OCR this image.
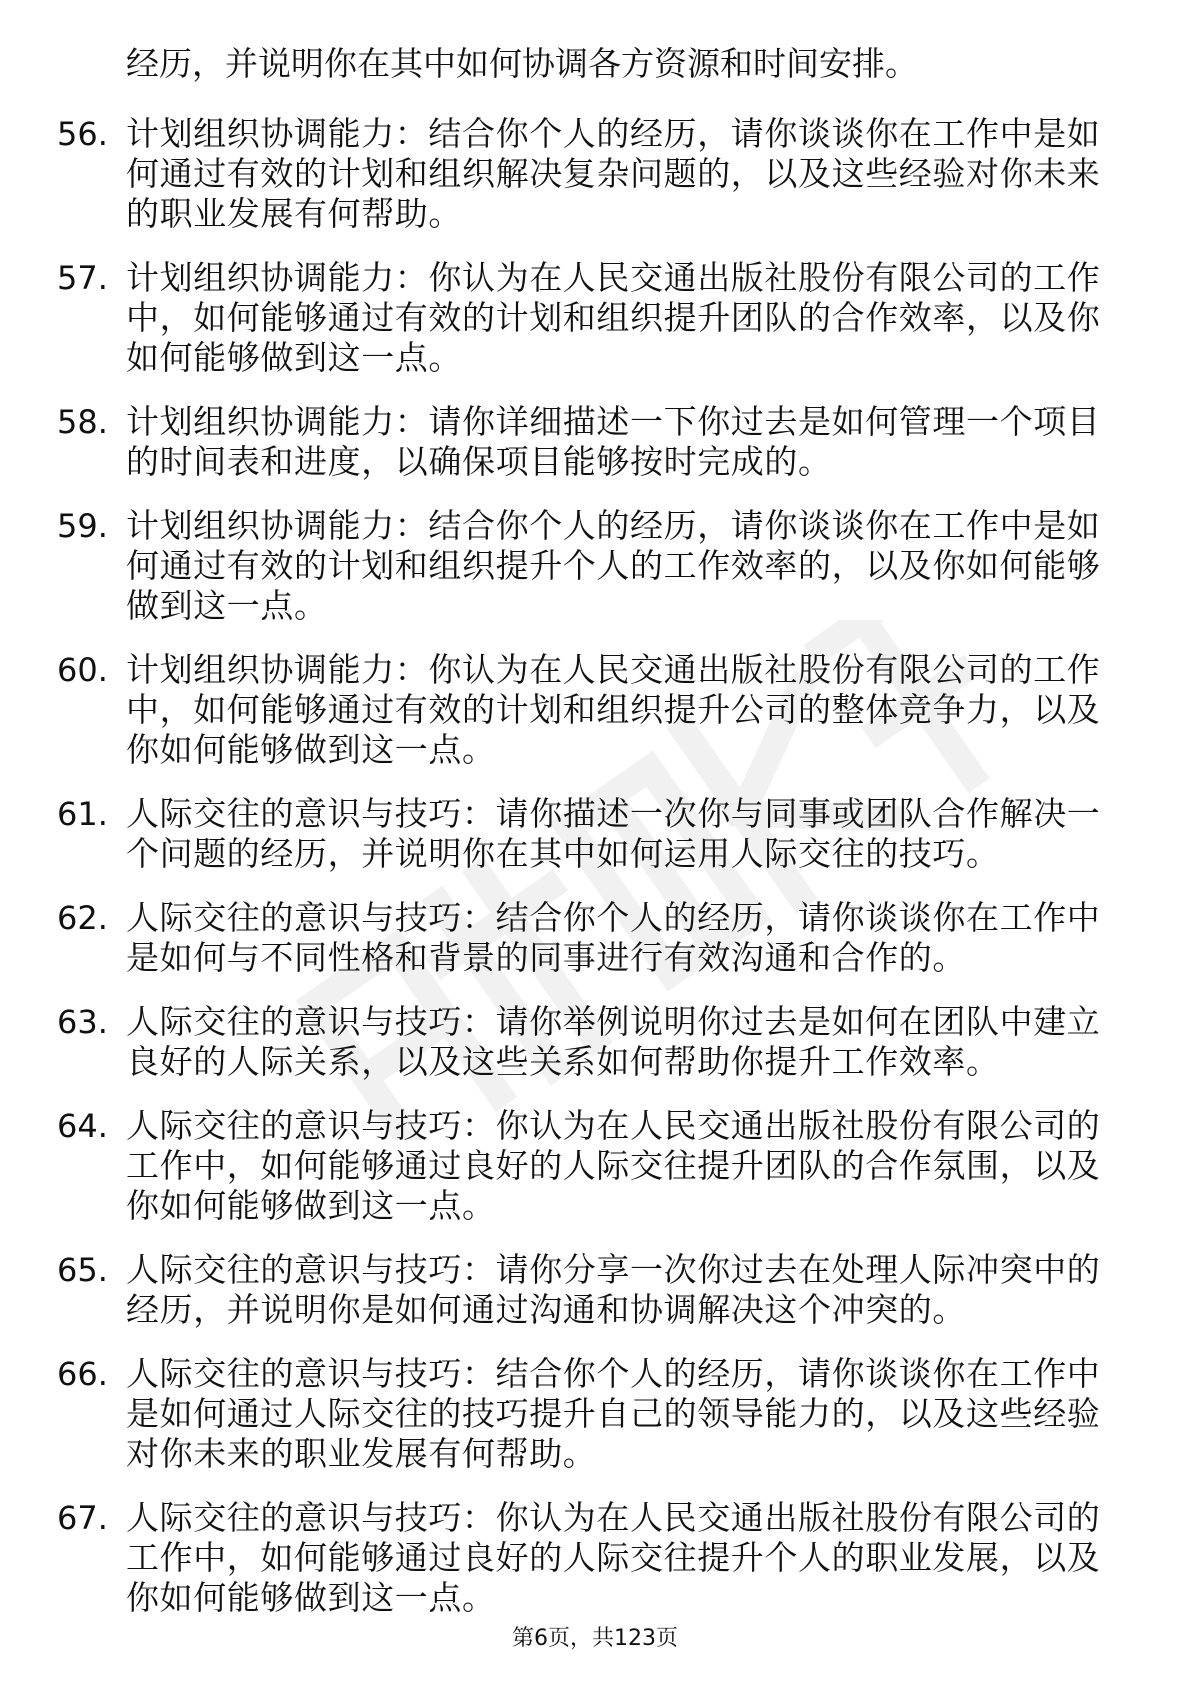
经历，并说明你在其中如何协调各方资源和时间安排。
56. 计划组织协调能力：结合你个人的经历，请你谈谈你在工作中是如何通过有效的计划和组织解决复杂问题的，以及这些经验对你未来的职业发展有何帮助。
57. 计划组织协调能力：你认为在人民交通出版社股份有限公司的工作中，如何能够通过有效的计划和组织提升团队的合作效率，以及你如何能够做到这一点。
58. 计划组织协调能力：请你详细描述一下你过去是如何管理一个项目的时间表和进度，以确保项目能够按时完成的。
59. 计划组织协调能力：结合你个人的经历，请你谈谈你在工作中是如何通过有效的计划和组织提升个人的工作效率的，以及你如何能够做到这一点。
60. 计划组织协调能力：你认为在人民交通出版社股份有限公司的工作中，如何能够通过有效的计划和组织提升公司的整体竞争力，以及你如何能够做到这一点。
61. 人际交往的意识与技巧：请你描述一次你与同事或团队合作解决一个问题的经历，并说明你在其中如何运用人际交往的技巧。
62. 人际交往的意识与技巧：结合你个人的经历，请你谈谈你在工作中是如何与不同性格和背景的同事进行有效沟通和合作的。
63. 人际交往的意识与技巧：请你举例说明你过去是如何在团队中建立良好的人际关系，以及这些关系如何帮助你提升工作效率。
64. 人际交往的意识与技巧：你认为在人民交通出版社股份有限公司的工作中，如何能够通过良好的人际交往提升团队的合作氛围，以及你如何能够做到这一点。
65. 人际交往的意识与技巧：请你分享一次你过去在处理人际冲突中的经历，并说明你是如何通过沟通和协调解决这个冲突的。
66. 人际交往的意识与技巧：结合你个人的经历，请你谈谈你在工作中是如何通过人际交往的技巧提升自己的领导能力的，以及这些经验对你未来的职业发展有何帮助。
67. 人际交往的意识与技巧：你认为在人民交通出版社股份有限公司的工作中，如何能够通过良好的人际交往提升个人的职业发展，以及你如何能够做到这一点。
第6页，共123页
